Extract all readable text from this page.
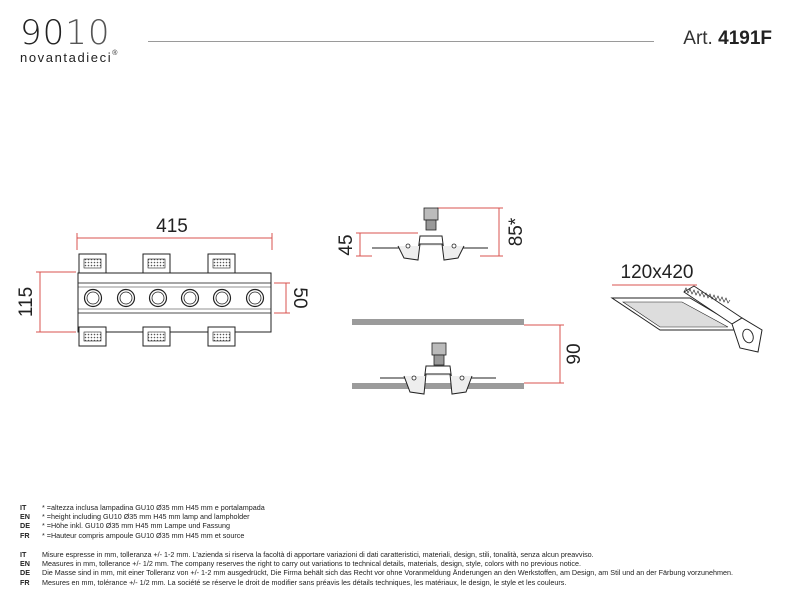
9010
novantadieci®
Art. 4191F
415
115	50
45	85*
90
120x420
IT	* =altezza inclusa lampadina GU10 Ø35 mm H45 mm e portalampada
EN	* =height including GU10 Ø35 mm H45 mm lamp and lampholder
DE	* =Höhe inkl. GU10 Ø35 mm H45 mm Lampe und Fassung
FR	* =Hauteur compris ampoule GU10 Ø35 mm H45 mm et source
IT	Misure espresse in mm, tolleranza +/- 1-2 mm. L'azienda si riserva la facoltà di apportare variazioni di dati caratteristici, materiali, design, stili, tonalità, senza alcun preavviso.
EN	Measures in mm, tollerance +/- 1/2 mm. The company reserves the right to carry out variations to technical details, materials, design, style, colors with no previous notice.
DE	Die Masse sind in mm, mit einer Tolleranz von +/- 1-2 mm ausgedrückt, Die Firma behält sich das Recht vor ohne Voranmeldung Änderungen an den Werkstoffen, am Design, am Stil und an der Färbung vorzunehmen.
FR	Mesures en mm, tolérance +/- 1/2 mm. La société se réserve le droit de modifier sans préavis les détails techniques, les matériaux, le design, le style et les couleurs.
